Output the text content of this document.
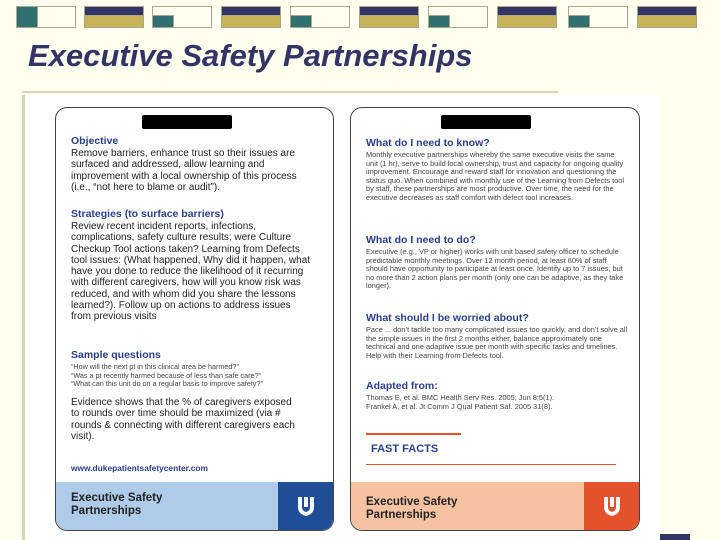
Executive Safety Partnerships
Objective
Remove barriers, enhance trust so their issues are surfaced and addressed, allow learning and improvement with a local ownership of this process (i.e., “not here to blame or audit”).
Strategies (to surface barriers)
Review recent incident reports, infections, complications, safety culture results; were Culture Checkup Tool actions taken? Learning from Defects tool issues: (What happened, Why did it happen, what have you done to reduce the likelihood of it recurring with different caregivers, how will you know risk was reduced, and with whom did you share the lessons learned?). Follow up on actions to address issues from previous visits
Sample questions
“How will the next pt in this clinical area be harmed?”
“Was a pt recently harmed because of less than safe care?”
“What can this unit do on a regular basis to improve safety?”
Evidence shows that the % of caregivers exposed to rounds over time should be maximized (via # rounds & connecting with different caregivers each visit).
www.dukepatientsafetycenter.com
Executive Safety
Partnerships
What do I need to know?
Monthly executive partnerships whereby the same executive visits the same unit (1 hr), serve to build local ownership, trust and capacity for ongoing quality improvement. Encourage and reward staff for innovation and questioning the status quo. When combined with monthly use of the Learning from Defects tool by staff, these partnerships are most productive. Over time, the need for the executive decreases as staff comfort with defect tool increases.
What do I need to do?
Executive (e.g., VP or higher) works with unit based safety officer to schedule predictable monthly meetings. Over 12 month period, at least 60% of staff should have opportunity to participate at least once. Identify up to 7 issues, but no more than 2 action plans per month (only one can be adaptive, as they take longer).
What should I be worried about?
Pace ... don’t tackle too many complicated issues too quickly, and don’t solve all the simple issues in the first 2 months either, balance approximately one technical and one adaptive issue per month with specific tasks and timelines. Help with their Learning from Defects tool.
Adapted from:
Thomas E, et al. BMC Health Serv Res. 2005; Jun 8;5(1).
Frankel A, et al. Jt Comm J Qual Patient Saf. 2005 31(8).
FAST FACTS
Executive Safety
Partnerships
